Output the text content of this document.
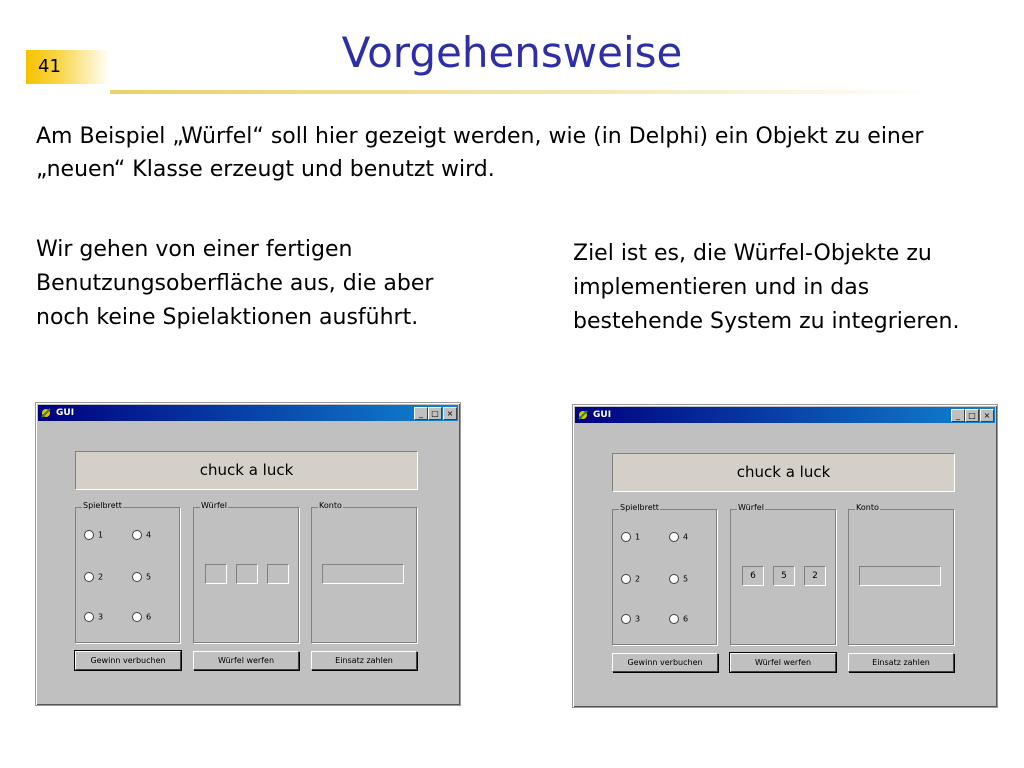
41	Vorgehensweise
Am Beispiel „Würfel“ soll hier gezeigt werden, wie (in Delphi) ein Objekt zu einer „neuen“ Klasse erzeugt und benutzt wird.
Wir gehen von einer fertigen Benutzungsoberfläche aus, die aber noch keine Spielaktionen ausführt.
Ziel ist es, die Würfel-Objekte zu implementieren und in das bestehende System zu integrieren.
GUI	_	□ ×
chuck a luck
Spielbrett
1
2
3
4
5
6
Würfel	Konto
Gewinn verbuchen	Würfel werfen	Einsatz zahlen
GUI	_	□ ×
chuck a luck
Spielbrett
1
2
3
4
5
6
Würfel
6	5	2
Konto
Gewinn verbuchen	Würfel werfen	Einsatz zahlen
